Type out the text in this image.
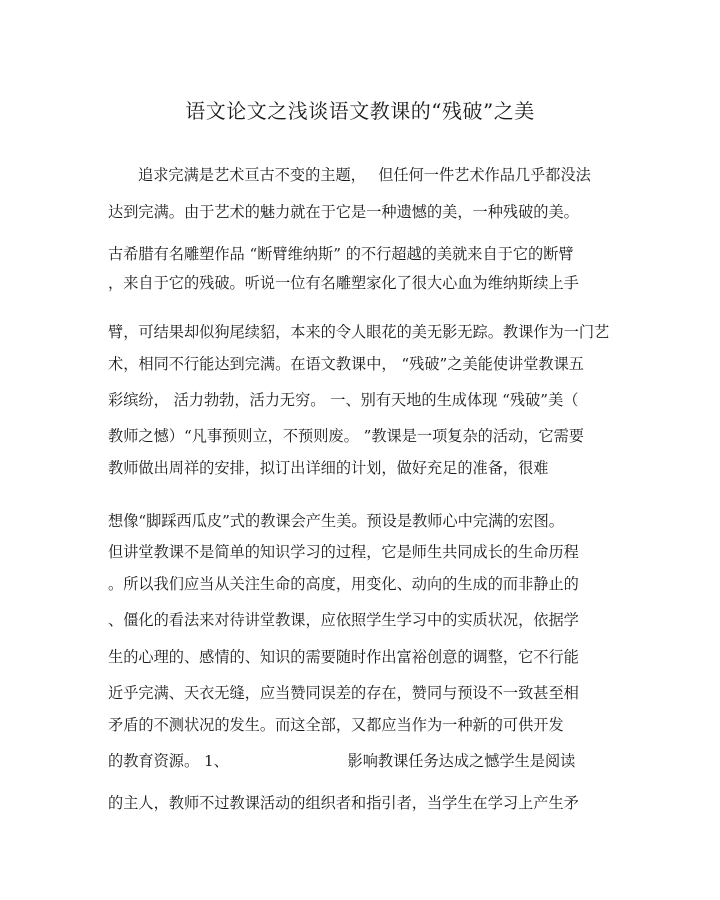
语文论文之浅谈语文教课的“残破”之美
追求完满是艺术亘古不变的主题，　 但任何一件艺术作品几乎都没法
达到完满。由于艺术的魅力就在于它是一种遗憾的美，一种残破的美。
古希腊有名雕塑作品 “断臂维纳斯” 的不行超越的美就来自于它的断臂
，来自于它的残破。听说一位有名雕塑家化了很大心血为维纳斯续上手
臂，可结果却似狗尾续貂，本来的令人眼花的美无影无踪。教课作为一门艺
术，相同不行能达到完满。在语文教课中， “残破”之美能使讲堂教课五
彩缤纷， 活力勃勃，活力无穷。 一、别有天地的生成体现 “残破”美（
教师之憾）“凡事预则立，不预则废。 ”教课是一项复杂的活动，它需要
教师做出周祥的安排，拟订出详细的计划，做好充足的准备，很难
想像“脚踩西瓜皮”式的教课会产生美。预设是教师心中完满的宏图。
但讲堂教课不是简单的知识学习的过程，它是师生共同成长的生命历程
。所以我们应当从关注生命的高度，用变化、动向的生成的而非静止的
、僵化的看法来对待讲堂教课，应依照学生学习中的实质状况，依据学
生的心理的、感情的、知识的需要随时作出富裕创意的调整，它不行能
近乎完满、天衣无缝，应当赞同误差的存在，赞同与预设不一致甚至相
矛盾的不测状况的发生。而这全部，又都应当作为一种新的可供开发
的教育资源。 1、　　　　　　　　 影响教课任务达成之憾学生是阅读
的主人，教师不过教课活动的组织者和指引者，当学生在学习上产生矛
